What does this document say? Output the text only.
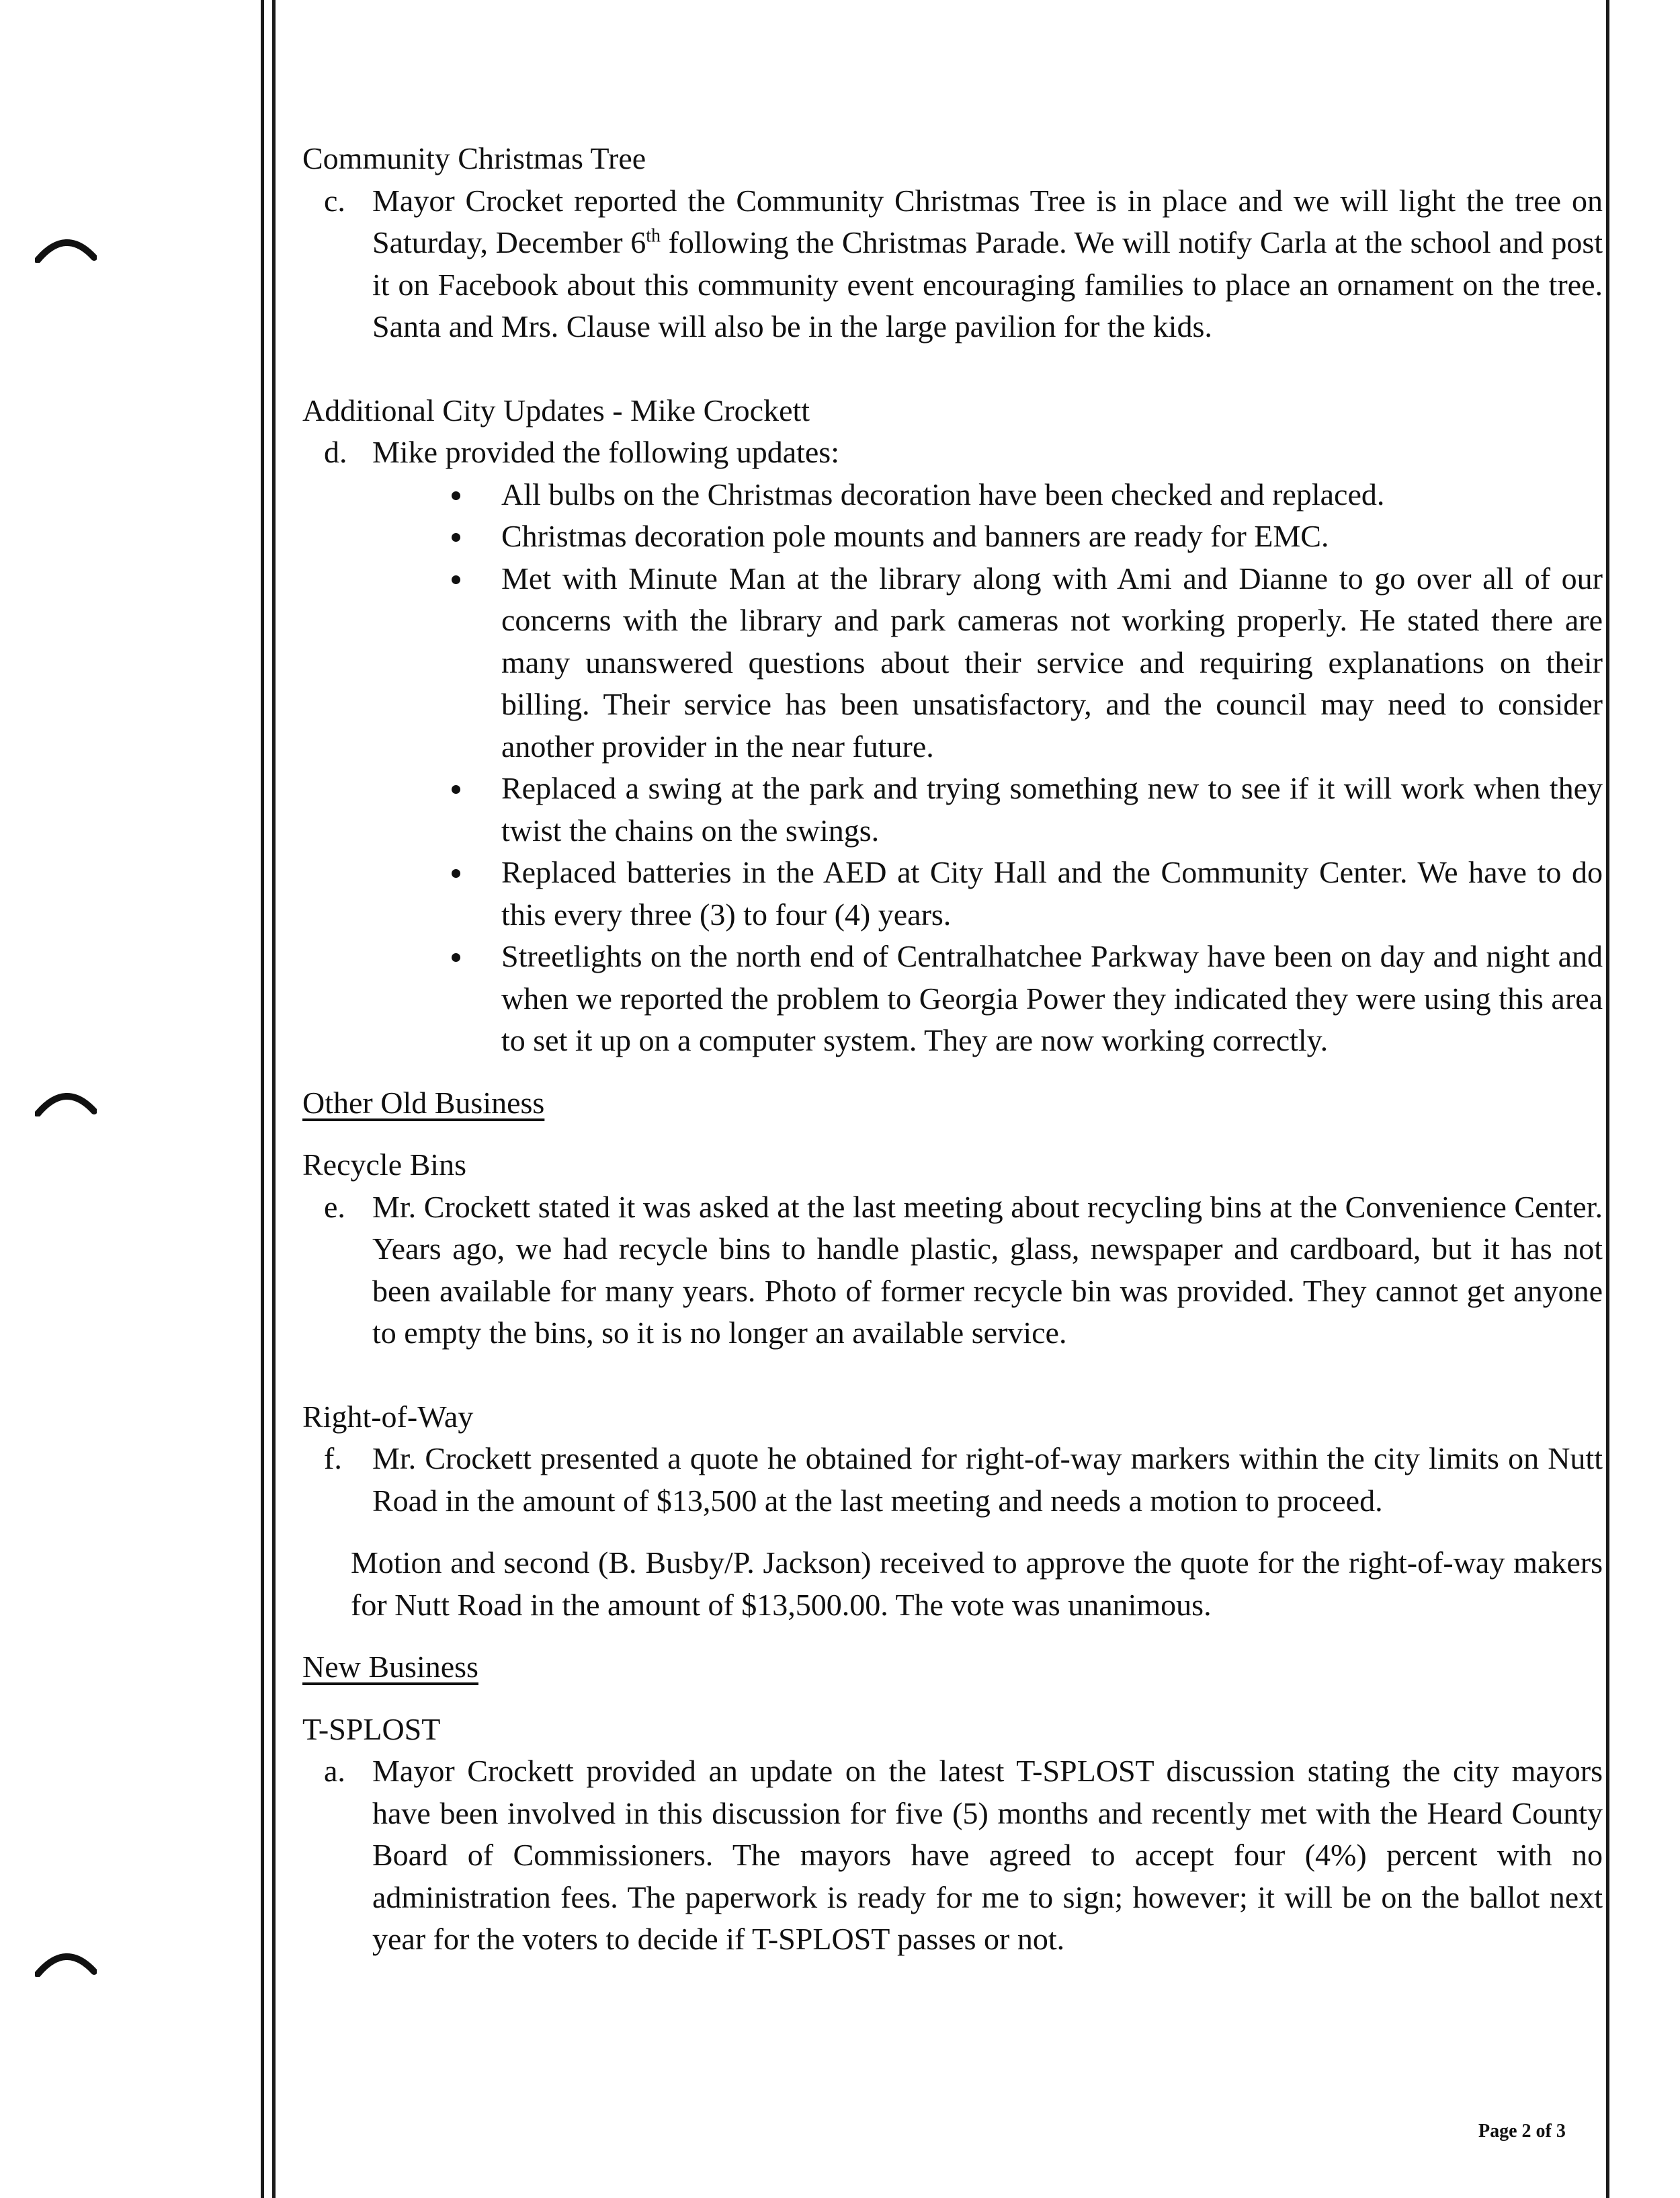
Community Christmas Tree

c. Mayor Crocket reported the Community Christmas Tree is in place and we will light the tree on Saturday, December 6th following the Christmas Parade. We will notify Carla at the school and post it on Facebook about this community event encouraging families to place an ornament on the tree. Santa and Mrs. Clause will also be in the large pavilion for the kids.

Additional City Updates - Mike Crockett

d. Mike provided the following updates:
All bulbs on the Christmas decoration have been checked and replaced.
Christmas decoration pole mounts and banners are ready for EMC.
Met with Minute Man at the library along with Ami and Dianne to go over all of our concerns with the library and park cameras not working properly. He stated there are many unanswered questions about their service and requiring explanations on their billing. Their service has been unsatisfactory, and the council may need to consider another provider in the near future.
Replaced a swing at the park and trying something new to see if it will work when they twist the chains on the swings.
Replaced batteries in the AED at City Hall and the Community Center. We have to do this every three (3) to four (4) years.
Streetlights on the north end of Centralhatchee Parkway have been on day and night and when we reported the problem to Georgia Power they indicated they were using this area to set it up on a computer system. They are now working correctly.

Other Old Business

Recycle Bins

e. Mr. Crockett stated it was asked at the last meeting about recycling bins at the Convenience Center. Years ago, we had recycle bins to handle plastic, glass, newspaper and cardboard, but it has not been available for many years. Photo of former recycle bin was provided. They cannot get anyone to empty the bins, so it is no longer an available service.

Right-of-Way

f. Mr. Crockett presented a quote he obtained for right-of-way markers within the city limits on Nutt Road in the amount of $13,500 at the last meeting and needs a motion to proceed.

Motion and second (B. Busby/P. Jackson) received to approve the quote for the right-of-way makers for Nutt Road in the amount of $13,500.00. The vote was unanimous.

New Business

T-SPLOST

a. Mayor Crockett provided an update on the latest T-SPLOST discussion stating the city mayors have been involved in this discussion for five (5) months and recently met with the Heard County Board of Commissioners. The mayors have agreed to accept four (4%) percent with no administration fees. The paperwork is ready for me to sign; however; it will be on the ballot next year for the voters to decide if T-SPLOST passes or not.
Page 2 of 3
